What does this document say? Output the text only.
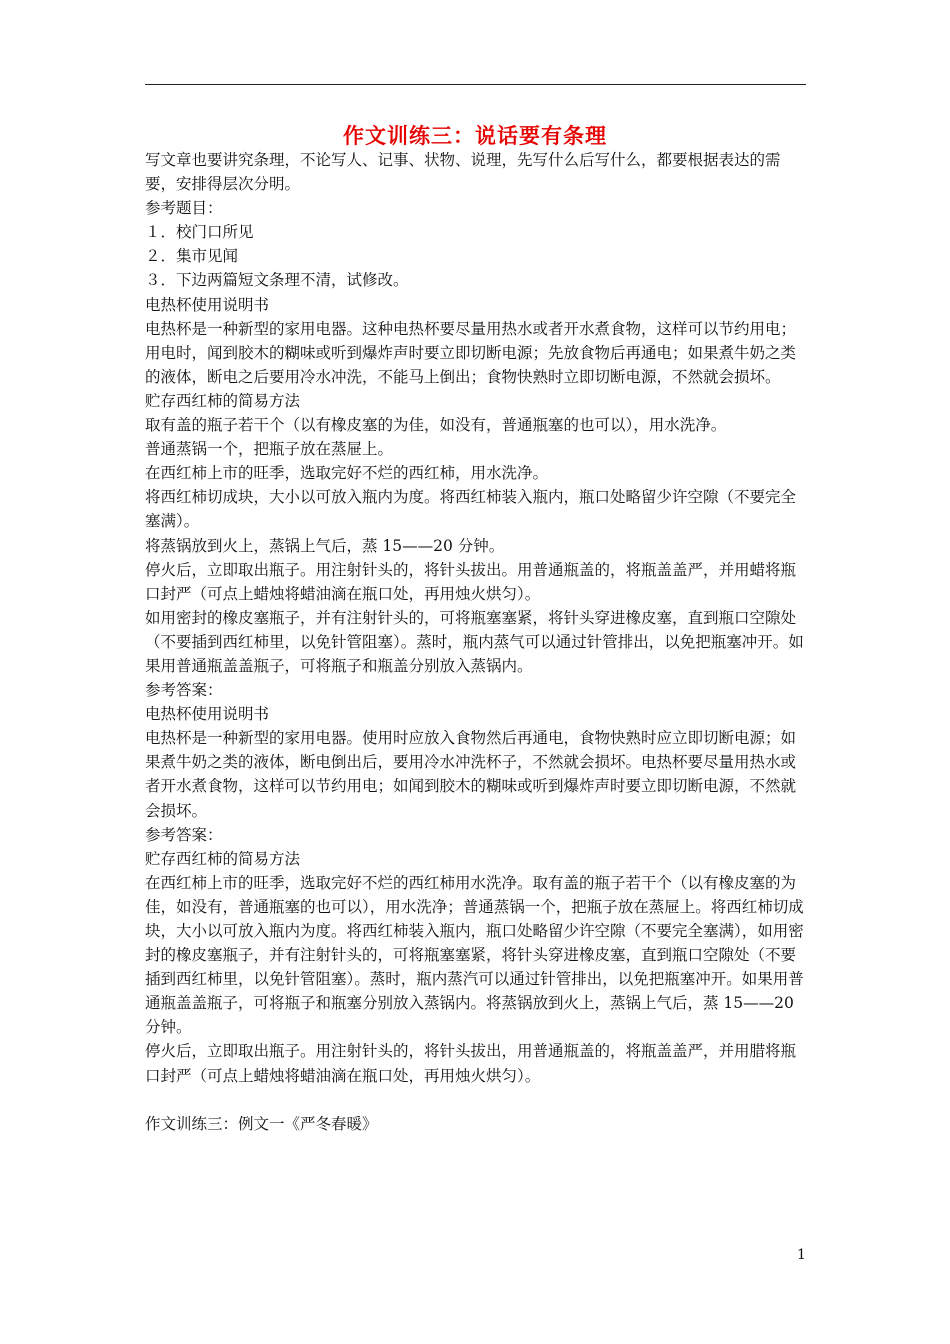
作文训练三：说话要有条理

写文章也要讲究条理，不论写人、记事、状物、说理，先写什么后写什么，都要根据表达的需要，安排得层次分明。

参考题目：

１．校门口所见

２．集市见闻

３．下边两篇短文条理不清，试修改。

电热杯使用说明书

电热杯是一种新型的家用电器。这种电热杯要尽量用热水或者开水煮食物，这样可以节约用电；用电时，闻到胶木的糊味或听到爆炸声时要立即切断电源；先放食物后再通电；如果煮牛奶之类的液体，断电之后要用冷水冲洗，不能马上倒出；食物快熟时立即切断电源，不然就会损坏。

贮存西红柿的简易方法

取有盖的瓶子若干个（以有橡皮塞的为佳，如没有，普通瓶塞的也可以），用水洗净。

普通蒸锅一个，把瓶子放在蒸屉上。

在西红柿上市的旺季，选取完好不烂的西红柿，用水洗净。

将西红柿切成块，大小以可放入瓶内为度。将西红柿装入瓶内，瓶口处略留少许空隙（不要完全塞满）。

将蒸锅放到火上，蒸锅上气后，蒸 15——20 分钟。

停火后，立即取出瓶子。用注射针头的，将针头拔出。用普通瓶盖的，将瓶盖盖严，并用蜡将瓶口封严（可点上蜡烛将蜡油滴在瓶口处，再用烛火烘匀）。

如用密封的橡皮塞瓶子，并有注射针头的，可将瓶塞塞紧，将针头穿进橡皮塞，直到瓶口空隙处（不要插到西红柿里，以免针管阻塞）。蒸时，瓶内蒸气可以通过针管排出，以免把瓶塞冲开。如果用普通瓶盖盖瓶子，可将瓶子和瓶盖分别放入蒸锅内。

参考答案：

电热杯使用说明书

电热杯是一种新型的家用电器。使用时应放入食物然后再通电，食物快熟时应立即切断电源；如果煮牛奶之类的液体，断电倒出后，要用冷水冲洗杯子，不然就会损坏。电热杯要尽量用热水或者开水煮食物，这样可以节约用电；如闻到胶木的糊味或听到爆炸声时要立即切断电源，不然就会损坏。

参考答案：

贮存西红柿的简易方法

在西红柿上市的旺季，选取完好不烂的西红柿用水洗净。取有盖的瓶子若干个（以有橡皮塞的为佳，如没有，普通瓶塞的也可以），用水洗净；普通蒸锅一个，把瓶子放在蒸屉上。将西红柿切成块，大小以可放入瓶内为度。将西红柿装入瓶内，瓶口处略留少许空隙（不要完全塞满），如用密封的橡皮塞瓶子，并有注射针头的，可将瓶塞塞紧，将针头穿进橡皮塞，直到瓶口空隙处（不要插到西红柿里，以免针管阻塞）。蒸时，瓶内蒸汽可以通过针管排出，以免把瓶塞冲开。如果用普通瓶盖盖瓶子，可将瓶子和瓶塞分别放入蒸锅内。将蒸锅放到火上，蒸锅上气后，蒸 15——20 分钟。

停火后，立即取出瓶子。用注射针头的，将针头拔出，用普通瓶盖的，将瓶盖盖严，并用腊将瓶口封严（可点上蜡烛将蜡油滴在瓶口处，再用烛火烘匀）。

作文训练三：例文一《严冬春暖》

1
